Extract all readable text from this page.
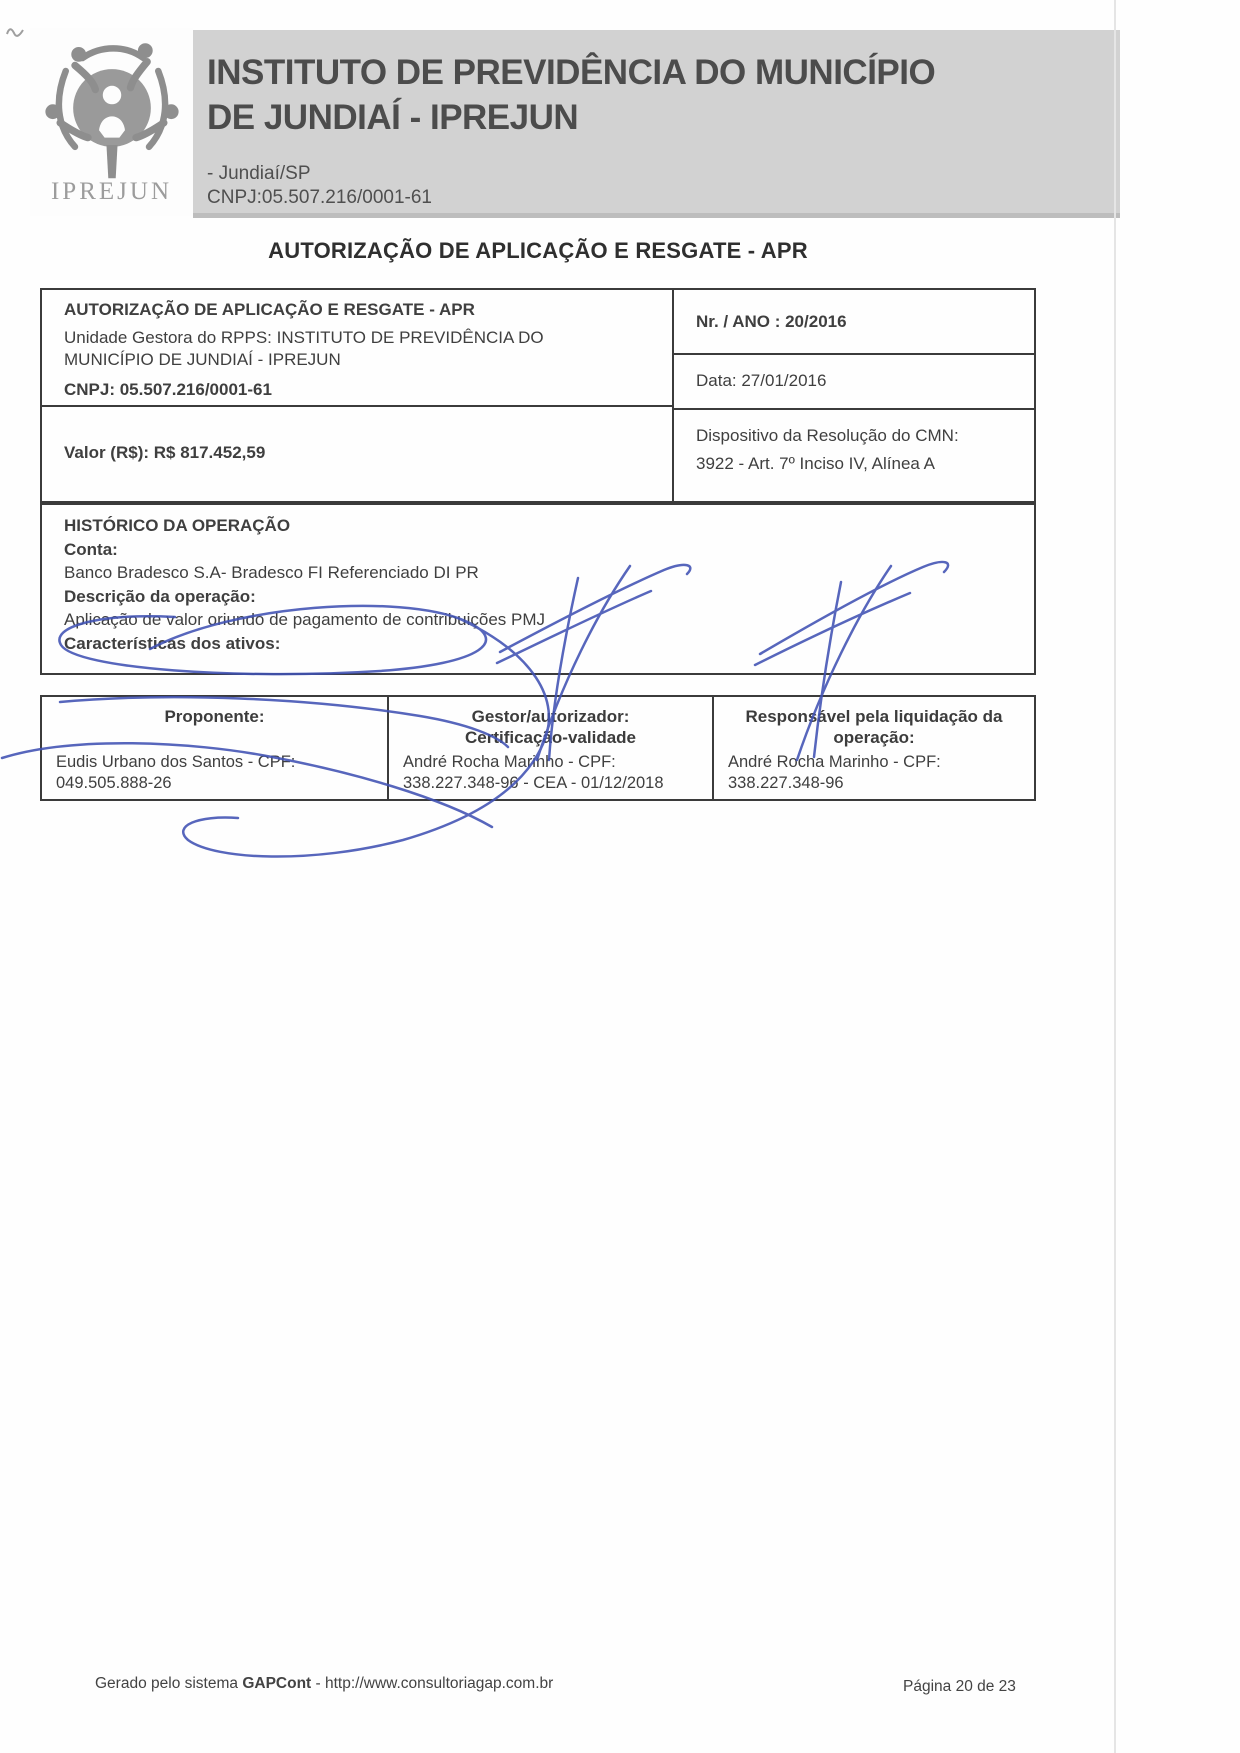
INSTITUTO DE PREVIDÊNCIA DO MUNICÍPIO
DE JUNDIAÍ - IPREJUN
- Jundiaí/SP
CNPJ:05.507.216/0001-61
IPREJUN
AUTORIZAÇÃO DE APLICAÇÃO E RESGATE - APR
AUTORIZAÇÃO DE APLICAÇÃO E RESGATE - APR
Unidade Gestora do RPPS: INSTITUTO DE PREVIDÊNCIA DO
MUNICÍPIO DE JUNDIAÍ - IPREJUN
CNPJ: 05.507.216/0001-61
Valor (R$): R$ 817.452,59
Nr. / ANO : 20/2016
Data: 27/01/2016
Dispositivo da Resolução do CMN:
3922 - Art. 7º Inciso IV, Alínea A
HISTÓRICO DA OPERAÇÃO
Conta:
Banco Bradesco S.A- Bradesco FI Referenciado DI PR
Descrição da operação:
Aplicação de valor oriundo de pagamento de contribuições PMJ
Características dos ativos:
Proponente:
Eudis Urbano dos Santos - CPF:
049.505.888-26
Gestor/autorizador:
Certificação-validade
André Rocha Marinho - CPF:
338.227.348-96 - CEA - 01/12/2018
Responsável pela liquidação da
operação:
André Rocha Marinho - CPF:
338.227.348-96
Gerado pelo sistema GAPCont - http://www.consultoriagap.com.br	Página 20 de 23
